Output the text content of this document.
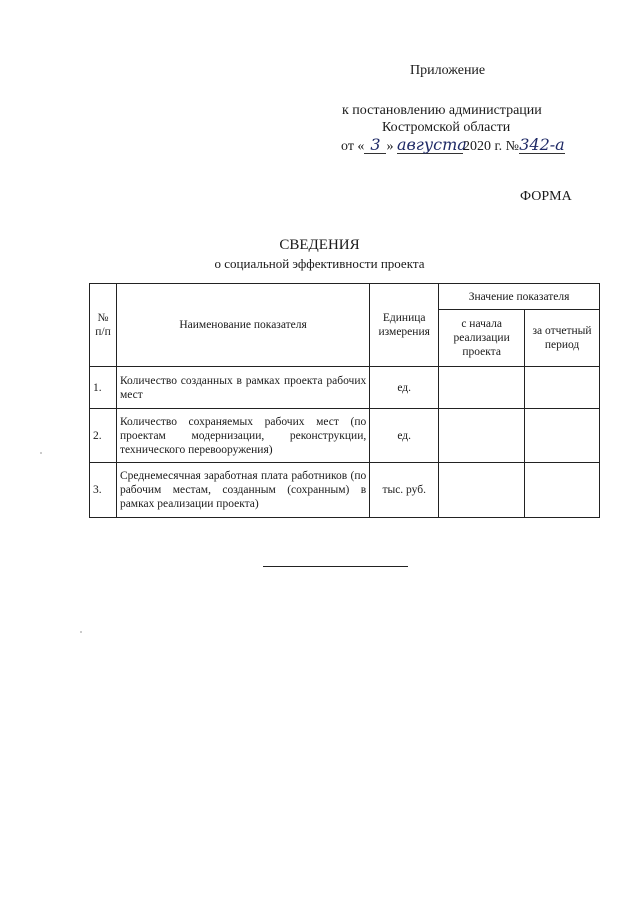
Приложение
к постановлению администрации
Костромской области
от « 3 » августа2020 г. №342-а
ФОРМА
СВЕДЕНИЯ
о социальной эффективности проекта
№ п/п	Наименование показателя	Единица измерения	Значение показателя	
			с начала реализации проекта	за отчетный период
1.	Количество созданных в рамках проекта рабочих мест	ед.		
2.	Количество сохраняемых рабочих мест (по проектам модернизации, реконструкции, технического перевооружения)	ед.		
3.	Среднемесячная заработная плата работников (по рабочим местам, созданным (сохранным) в рамках реализации проекта)	тыс. руб.		
